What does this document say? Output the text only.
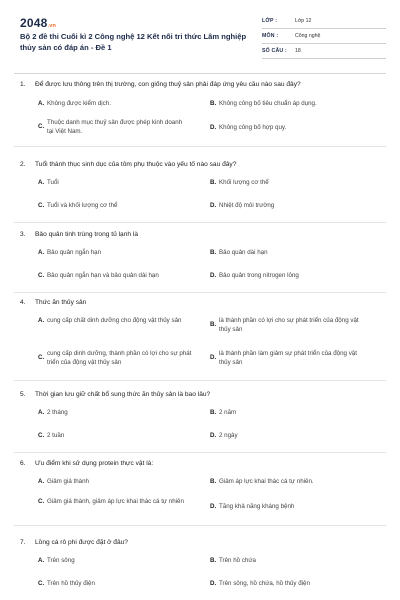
2048.vn
Bộ 2 đề thi Cuối kì 2 Công nghệ 12 Kết nối tri thức Lâm nghiệp thủy sản có đáp án - Đề 1
LỚP :	Lớp 12
MÔN :	Công nghệ
SỐ CÂU :	18
1.	Để được lưu thông trên thị trường, con giống thuỷ sản phải đáp ứng yêu cầu nào sau đây?
A. Không được kiểm dịch.	B. Không công bố tiêu chuẩn áp dụng.
C.
Thuộc danh mục thuỷ sản được phép kinh doanh tại Việt Nam.	D. Không công bố hợp quy.
2.	Tuổi thành thục sinh dục của tôm phụ thuộc vào yếu tố nào sau đây?
A. Tuổi	B. Khối lượng cơ thể
C. Tuổi và khối lượng cơ thể	D. Nhiệt độ môi trường
3.	Bảo quản tinh trùng trong tủ lạnh là
A. Bảo quản ngắn hạn	B. Bảo quản dài hạn
C. Bảo quản ngắn hạn và bảo quản dài hạn	D. Bảo quản trong nitrogen lỏng
4.	Thức ăn thủy sản
A. cung cấp chất dinh dưỡng cho động vật thủy sản
B.
là thành phần có lợi cho sự phát triển của động vật thủy sản
C.
cung cấp dinh dưỡng, thành phần có lợi cho sự phát triển của động vật thủy sản
D.
là thành phần làm giảm sự phát triển của động vật thủy sản
5.	Thời gian lưu giữ chất bổ sung thức ăn thủy sản là bao lâu?
A. 2 tháng	B. 2 năm
C. 2 tuần	D. 2 ngày
6.	Ưu điểm khi sử dụng protein thực vật là:
A. Giảm giá thành	B. Giảm áp lực khai thác cá tự nhiên.
C. Giảm giá thành, giảm áp lực khai thác cá tự nhiên
D. Tăng khả năng kháng bệnh
7.	Lồng cá rô phi được đặt ở đâu?
A. Trên sông	B. Trên hồ chứa
C. Trên hồ thủy điện	D. Trên sông, hồ chứa, hồ thủy điện
